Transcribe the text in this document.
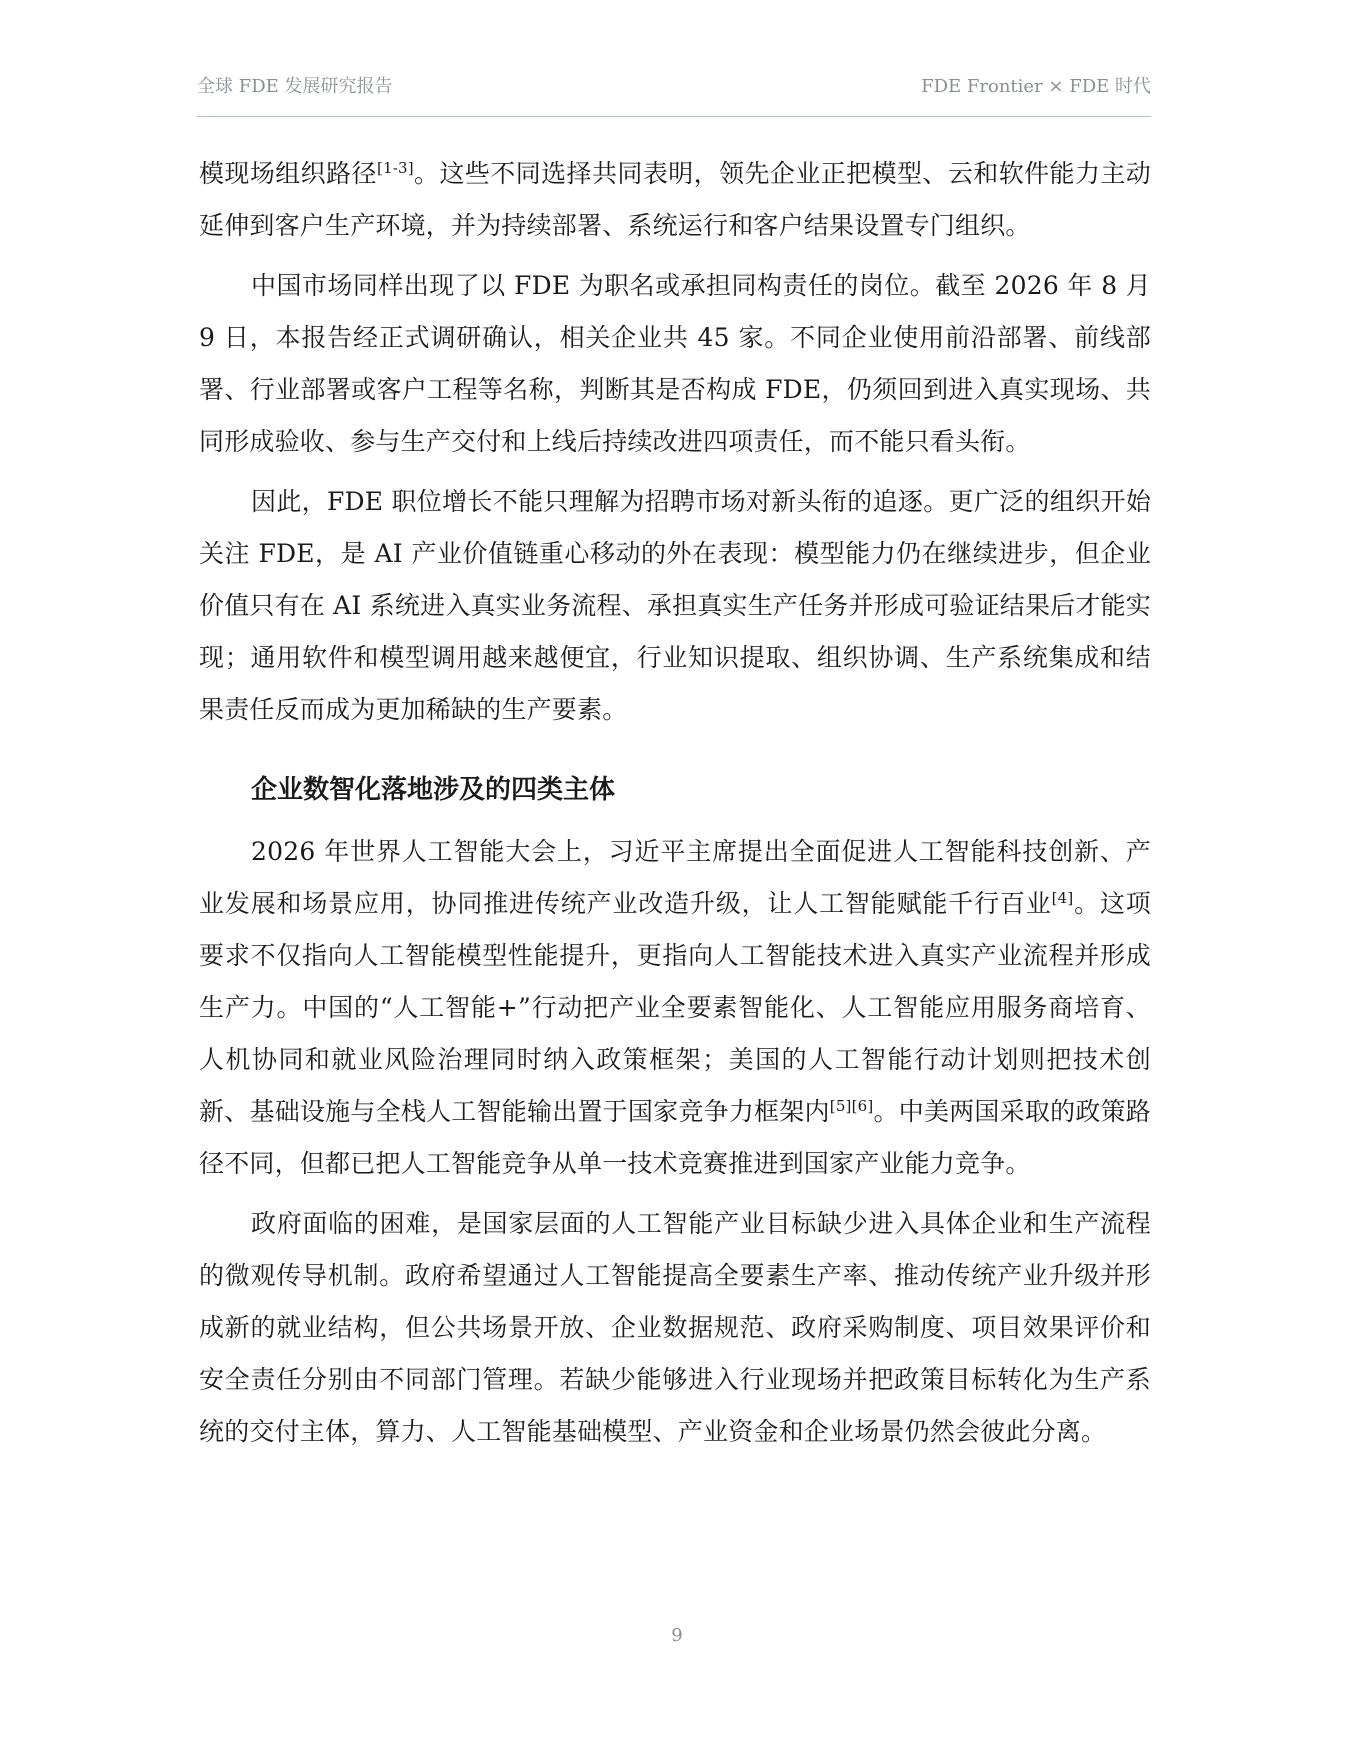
全球 FDE 发展研究报告	FDE Frontier × FDE 时代

模现场组织路径[1-3]。这些不同选择共同表明，领先企业正把模型、云和软件能力主动延伸到客户生产环境，并为持续部署、系统运行和客户结果设置专门组织。

中国市场同样出现了以 FDE 为职名或承担同构责任的岗位。截至 2026 年 8 月 9 日，本报告经正式调研确认，相关企业共 45 家。不同企业使用前沿部署、前线部署、行业部署或客户工程等名称，判断其是否构成 FDE，仍须回到进入真实现场、共同形成验收、参与生产交付和上线后持续改进四项责任，而不能只看头衔。

因此，FDE 职位增长不能只理解为招聘市场对新头衔的追逐。更广泛的组织开始关注 FDE，是 AI 产业价值链重心移动的外在表现：模型能力仍在继续进步，但企业价值只有在 AI 系统进入真实业务流程、承担真实生产任务并形成可验证结果后才能实现；通用软件和模型调用越来越便宜，行业知识提取、组织协调、生产系统集成和结果责任反而成为更加稀缺的生产要素。

企业数智化落地涉及的四类主体

2026 年世界人工智能大会上，习近平主席提出全面促进人工智能科技创新、产业发展和场景应用，协同推进传统产业改造升级，让人工智能赋能千行百业[4]。这项要求不仅指向人工智能模型性能提升，更指向人工智能技术进入真实产业流程并形成生产力。中国的“人工智能+”行动把产业全要素智能化、人工智能应用服务商培育、人机协同和就业风险治理同时纳入政策框架；美国的人工智能行动计划则把技术创新、基础设施与全栈人工智能输出置于国家竞争力框架内[5][6]。中美两国采取的政策路径不同，但都已把人工智能竞争从单一技术竞赛推进到国家产业能力竞争。

政府面临的困难，是国家层面的人工智能产业目标缺少进入具体企业和生产流程的微观传导机制。政府希望通过人工智能提高全要素生产率、推动传统产业升级并形成新的就业结构，但公共场景开放、企业数据规范、政府采购制度、项目效果评价和安全责任分别由不同部门管理。若缺少能够进入行业现场并把政策目标转化为生产系统的交付主体，算力、人工智能基础模型、产业资金和企业场景仍然会彼此分离。

9
